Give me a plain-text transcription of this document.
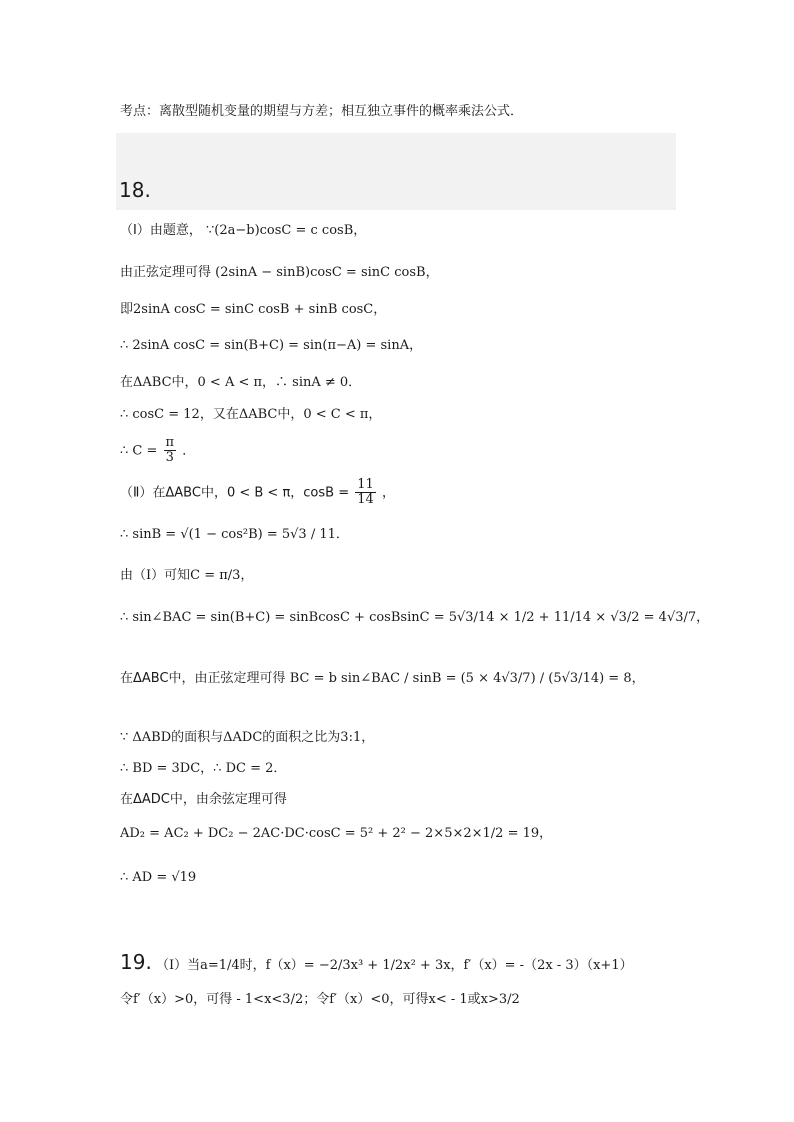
考点：离散型随机变量的期望与方差；相互独立事件的概率乘法公式．
18.
（Ⅰ）由题意， ∵(2a−b)cosC = c cosB，
由正弦定理可得 (2sinA − sinB)cosC = sinC cosB，
即2sinA cosC = sinC cosB + sinB cosC，
∴ 2sinA cosC = sin(B+C) = sin(π−A) = sinA，
在ΔABC中，0 < A < π，∴ sinA ≠ 0．
∴ cosC = 12，又在ΔABC中，0 < C < π，
∴ $C = \frac{\pi}{3}$ ．
（Ⅱ）在ΔABC中，0 < B < π，$\cos B = \frac{11}{14}$ ，
∴ sinB = √(1 − cos²B) = 5√3 / 11．
由（Ⅰ）可知C = π/3，
∴ sin∠BAC = sin(B+C) = sinBcosC + cosBsinC = 5√3/14 × 1/2 + 11/14 × √3/2 = 4√3/7，
在ΔABC中，由正弦定理可得 BC = b sin∠BAC / sinB = (5 × 4√3/7) / (5√3/14) = 8，
∵ ΔABD的面积与ΔADC的面积之比为3:1，
∴ BD = 3DC，∴ DC = 2．
在ΔADC中，由余弦定理可得
AD₂ = AC₂ + DC₂ − 2AC·DC·cosC = 5² + 2² − 2×5×2×1/2 = 19，
∴ AD = √19
19. （Ⅰ）当a=1/4时，f（x）= −2/3x³ + 1/2x² + 3x，f′（x）= -（2x - 3）（x+1）
令f′（x）>0，可得 - 1<x<3/2；令f′（x）<0，可得x< - 1或x>3/2
